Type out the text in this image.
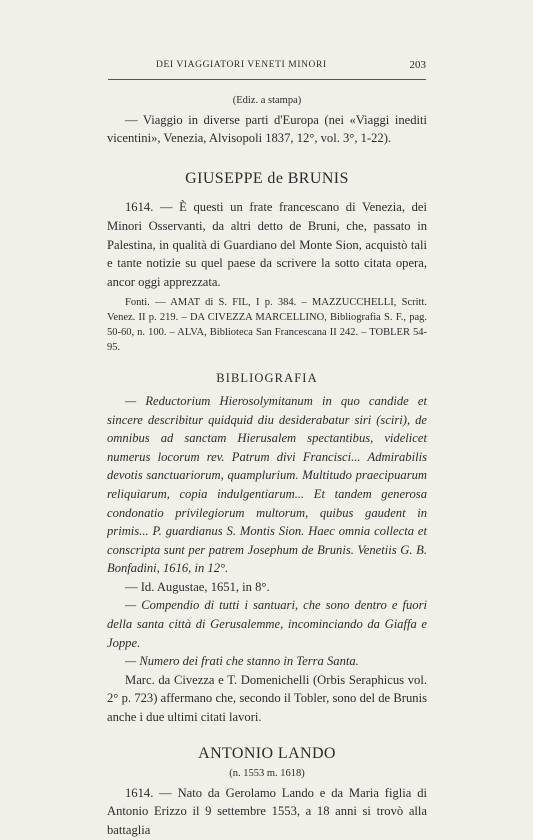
DEI VIAGGIATORI VENETI MINORI	203

(Ediz. a stampa)

— Viaggio in diverse parti d'Europa (nei «Viaggi inediti vicentini», Venezia, Alvisopoli 1837, 12°, vol. 3°, 1-22).

GIUSEPPE de BRUNIS

1614. — È questi un frate francescano di Venezia, dei Minori Osservanti, da altri detto de Bruni, che, passato in Palestina, in qualità di Guardiano del Monte Sion, acquistò tali e tante notizie su quel paese da scrivere la sotto citata opera, ancor oggi apprezzata.

Fonti. — AMAT di S. FIL, I p. 384. – MAZZUCCHELLI, Scritt. Venez. II p. 219. – DA CIVEZZA MARCELLINO, Bibliografia S. F., pag. 50-60, n. 100. – ALVA, Biblioteca San Francescana II 242. – TOBLER 54-95.

BIBLIOGRAFIA

— Reductorium Hierosolymitanum in quo candide et sincere describitur quidquid diu desiderabatur siri (sciri), de omnibus ad sanctam Hierusalem spectantibus, videlicet numerus locorum rev. Patrum divi Francisci... Admirabilis devotis sanctuariorum, quamplurium. Multitudo praecipuarum reliquiarum, copia indulgentiarum... Et tandem generosa condonatio privilegiorum multorum, quibus gaudent in primis... P. guardianus S. Montis Sion. Haec omnia collecta et conscripta sunt per patrem Josephum de Brunis. Venetiis G. B. Bonfadini, 1616, in 12°.

— Id. Augustae, 1651, in 8°.

— Compendio di tutti i santuari, che sono dentro e fuori della santa città di Gerusalemme, incominciando da Giaffa e Joppe.

— Numero dei frati che stanno in Terra Santa.

Marc. da Civezza e T. Domenichelli (Orbis Seraphicus vol. 2° p. 723) affermano che, secondo il Tobler, sono del de Brunis anche i due ultimi citati lavori.

ANTONIO LANDO

(n. 1553 m. 1618)

1614. — Nato da Gerolamo Lando e da Maria figlia di Antonio Erizzo il 9 settembre 1553, a 18 anni si trovò alla battaglia
